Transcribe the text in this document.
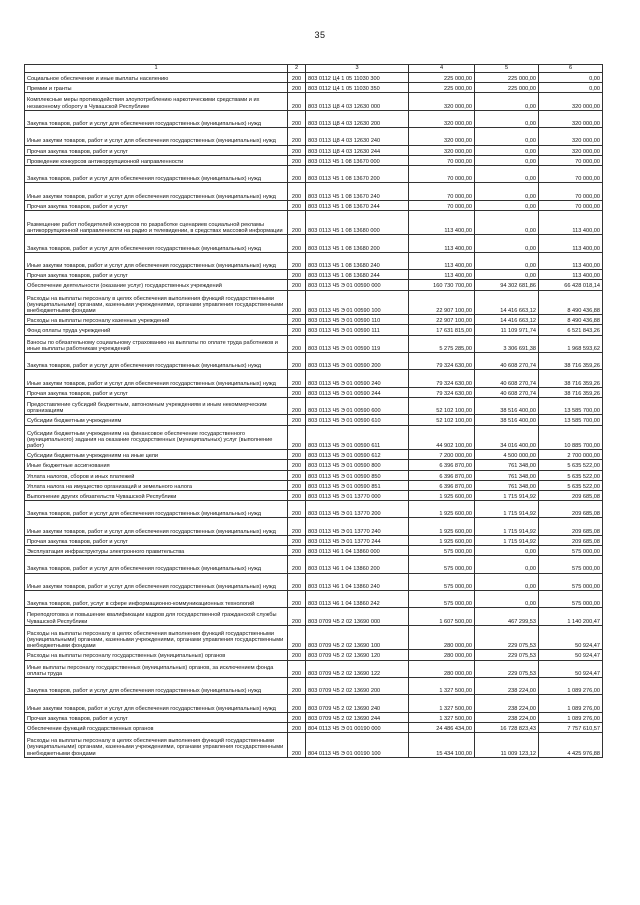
35
1	2	3	4	5	6
Социальное обеспечение и иные выплаты населению	200	803 0112 Ц4 1 05 11030 300	225 000,00	225 000,00	0,00
Премии и гранты	200	803 0112 Ц4 1 05 11030 350	225 000,00	225 000,00	0,00
Комплексные меры противодействия злоупотреблению наркотическими средствами и их незаконному обороту в Чувашской Республике	200	803 0113 Ц8 4 03 12630 000	320 000,00	0,00	320 000,00
Закупка товаров, работ и услуг для обеспечения государственных (муниципальных) нужд	200	803 0113 Ц8 4 03 12630 200	320 000,00	0,00	320 000,00
Иные закупки товаров, работ и услуг для обеспечения государственных (муниципальных) нужд	200	803 0113 Ц8 4 03 12630 240	320 000,00	0,00	320 000,00
Прочая закупка товаров, работ и услуг	200	803 0113 Ц8 4 03 12630 244	320 000,00	0,00	320 000,00
Проведение конкурсов антикоррупционной направленности	200	803 0113 Ч5 1 08 13670 000	70 000,00	0,00	70 000,00
Закупка товаров, работ и услуг для обеспечения государственных (муниципальных) нужд	200	803 0113 Ч5 1 08 13670 200	70 000,00	0,00	70 000,00
Иные закупки товаров, работ и услуг для обеспечения государственных (муниципальных) нужд	200	803 0113 Ч5 1 08 13670 240	70 000,00	0,00	70 000,00
Прочая закупка товаров, работ и услуг	200	803 0113 Ч5 1 08 13670 244	70 000,00	0,00	70 000,00
Размещение работ победителей конкурсов по разработке сценариев социальной рекламы антикоррупционной направленности на радио и телевидении, в средствах массовой информации	200	803 0113 Ч5 1 08 13680 000	113 400,00	0,00	113 400,00
Закупка товаров, работ и услуг для обеспечения государственных (муниципальных) нужд	200	803 0113 Ч5 1 08 13680 200	113 400,00	0,00	113 400,00
Иные закупки товаров, работ и услуг для обеспечения государственных (муниципальных) нужд	200	803 0113 Ч5 1 08 13680 240	113 400,00	0,00	113 400,00
Прочая закупка товаров, работ и услуг	200	803 0113 Ч5 1 08 13680 244	113 400,00	0,00	113 400,00
Обеспечение деятельности (оказание услуг) государственных учреждений	200	803 0113 Ч5 Э 01 00590 000	160 730 700,00	94 302 681,86	66 428 018,14
Расходы на выплаты персоналу в целях обеспечения выполнения функций государственными (муниципальными) органами, казенными учреждениями, органами управления государственными внебюджетными фондами	200	803 0113 Ч5 Э 01 00590 100	22 907 100,00	14 416 663,12	8 490 436,88
Расходы на выплаты персоналу казенных учреждений	200	803 0113 Ч5 Э 01 00590 110	22 907 100,00	14 416 663,12	8 490 436,88
Фонд оплаты труда учреждений	200	803 0113 Ч5 Э 01 00590 111	17 631 815,00	11 109 971,74	6 521 843,26
Взносы по обязательному социальному страхованию на выплаты по оплате труда работников и иные выплаты работникам учреждений	200	803 0113 Ч5 Э 01 00590 119	5 275 285,00	3 306 691,38	1 968 593,62
Закупка товаров, работ и услуг для обеспечения государственных (муниципальных) нужд	200	803 0113 Ч5 Э 01 00590 200	79 324 630,00	40 608 270,74	38 716 359,26
Иные закупки товаров, работ и услуг для обеспечения государственных (муниципальных) нужд	200	803 0113 Ч5 Э 01 00590 240	79 324 630,00	40 608 270,74	38 716 359,26
Прочая закупка товаров, работ и услуг	200	803 0113 Ч5 Э 01 00590 244	79 324 630,00	40 608 270,74	38 716 359,26
Предоставление субсидий бюджетным, автономным учреждениям и иным некоммерческим организациям	200	803 0113 Ч5 Э 01 00590 600	52 102 100,00	38 516 400,00	13 585 700,00
Субсидии бюджетным учреждениям	200	803 0113 Ч5 Э 01 00590 610	52 102 100,00	38 516 400,00	13 585 700,00
Субсидии бюджетным учреждениям на финансовое обеспечение государственного (муниципального) задания на оказание государственных (муниципальных) услуг (выполнение работ)	200	803 0113 Ч5 Э 01 00590 611	44 902 100,00	34 016 400,00	10 885 700,00
Субсидии бюджетным учреждениям на иные цели	200	803 0113 Ч5 Э 01 00590 612	7 200 000,00	4 500 000,00	2 700 000,00
Иные бюджетные ассигнования	200	803 0113 Ч5 Э 01 00590 800	6 396 870,00	761 348,00	5 635 522,00
Уплата налогов, сборов и иных платежей	200	803 0113 Ч5 Э 01 00590 850	6 396 870,00	761 348,00	5 635 522,00
Уплата налога на имущество организаций и земельного налога	200	803 0113 Ч5 Э 01 00590 851	6 396 870,00	761 348,00	5 635 522,00
Выполнение других обязательств Чувашской Республики	200	803 0113 Ч5 Э 01 13770 000	1 925 600,00	1 715 914,92	209 685,08
Закупка товаров, работ и услуг для обеспечения государственных (муниципальных) нужд	200	803 0113 Ч5 Э 01 13770 200	1 925 600,00	1 715 914,92	209 685,08
Иные закупки товаров, работ и услуг для обеспечения государственных (муниципальных) нужд	200	803 0113 Ч5 Э 01 13770 240	1 925 600,00	1 715 914,92	209 685,08
Прочая закупка товаров, работ и услуг	200	803 0113 Ч5 Э 01 13770 244	1 925 600,00	1 715 914,92	209 685,08
Эксплуатация инфраструктуры электронного правительства	200	803 0113 Ч6 1 04 13860 000	575 000,00	0,00	575 000,00
Закупка товаров, работ и услуг для обеспечения государственных (муниципальных) нужд	200	803 0113 Ч6 1 04 13860 200	575 000,00	0,00	575 000,00
Иные закупки товаров, работ и услуг для обеспечения государственных (муниципальных) нужд	200	803 0113 Ч6 1 04 13860 240	575 000,00	0,00	575 000,00
Закупка товаров, работ, услуг в сфере информационно-коммуникационных технологий	200	803 0113 Ч6 1 04 13860 242	575 000,00	0,00	575 000,00
Переподготовка и повышение квалификации кадров для государственной гражданской службы Чувашской Республики	200	803 0709 Ч5 2 02 13690 000	1 607 500,00	467 299,53	1 140 200,47
Расходы на выплаты персоналу в целях обеспечения выполнения функций государственными (муниципальными) органами, казенными учреждениями, органами управления государственными внебюджетными фондами	200	803 0709 Ч5 2 02 13690 100	280 000,00	229 075,53	50 924,47
Расходы на выплаты персоналу государственных (муниципальных) органов	200	803 0709 Ч5 2 02 13690 120	280 000,00	229 075,53	50 924,47
Иные выплаты персоналу государственных (муниципальных) органов, за исключением фонда оплаты труда	200	803 0709 Ч5 2 02 13690 122	280 000,00	229 075,53	50 924,47
Закупка товаров, работ и услуг для обеспечения государственных (муниципальных) нужд	200	803 0709 Ч5 2 02 13690 200	1 327 500,00	238 224,00	1 089 276,00
Иные закупки товаров, работ и услуг для обеспечения государственных (муниципальных) нужд	200	803 0709 Ч5 2 02 13690 240	1 327 500,00	238 224,00	1 089 276,00
Прочая закупка товаров, работ и услуг	200	803 0709 Ч5 2 02 13690 244	1 327 500,00	238 224,00	1 089 276,00
Обеспечение функций государственных органов	200	804 0113 Ч5 Э 01 00190 000	24 486 434,00	16 728 823,43	7 757 610,57
Расходы на выплаты персоналу в целях обеспечения выполнения функций государственными (муниципальными) органами, казенными учреждениями, органами управления государственными внебюджетными фондами	200	804 0113 Ч5 Э 01 00190 100	15 434 100,00	11 009 123,12	4 425 976,88
